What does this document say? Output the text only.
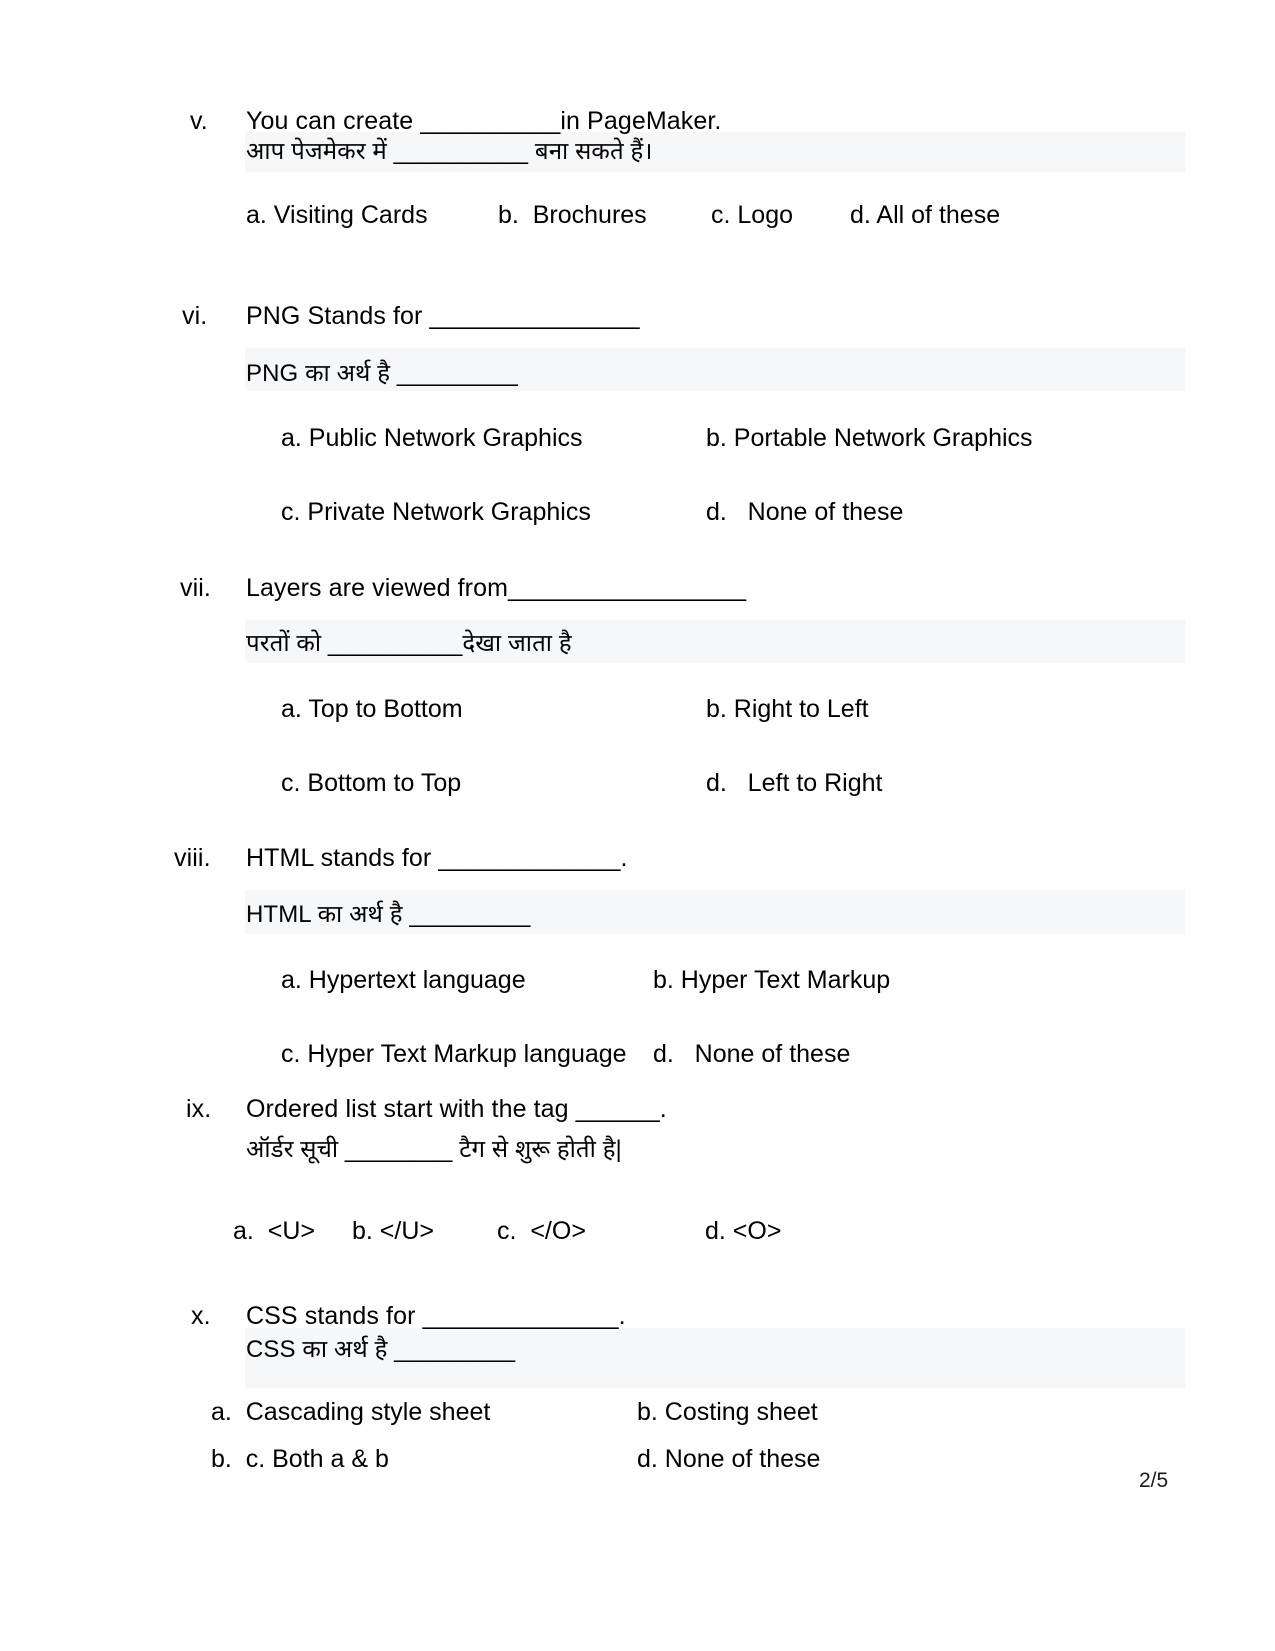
v.	You can create __________in PageMaker.
आप पेजमेकर में __________ बना सकते हैं।
a. Visiting Cards	b.  Brochures	c. Logo d. All of these
vi.	PNG Stands for _______________
PNG का अर्थ है _________
a. Public Network Graphics	b. Portable Network Graphics
c. Private Network Graphics	d.   None of these
vii.	Layers are viewed from_________________
परतों को __________देखा जाता है
a. Top to Bottom	b. Right to Left
c. Bottom to Top	d.   Left to Right
viii.	HTML stands for _____________.
HTML का अर्थ है _________
a. Hypertext language	b. Hyper Text Markup
c. Hyper Text Markup language d.   None of these
ix.	Ordered list start with the tag ______.
ऑर्डर सूची ________ टैग से शुरू होती है|
a.  <U> b. </U>	c.  </O>	d. <O>
x.	CSS stands for ______________.
CSS का अर्थ है _________
a.  Cascading style sheet	b. Costing sheet
b.  c. Both a & b	d. None of these
2/5
